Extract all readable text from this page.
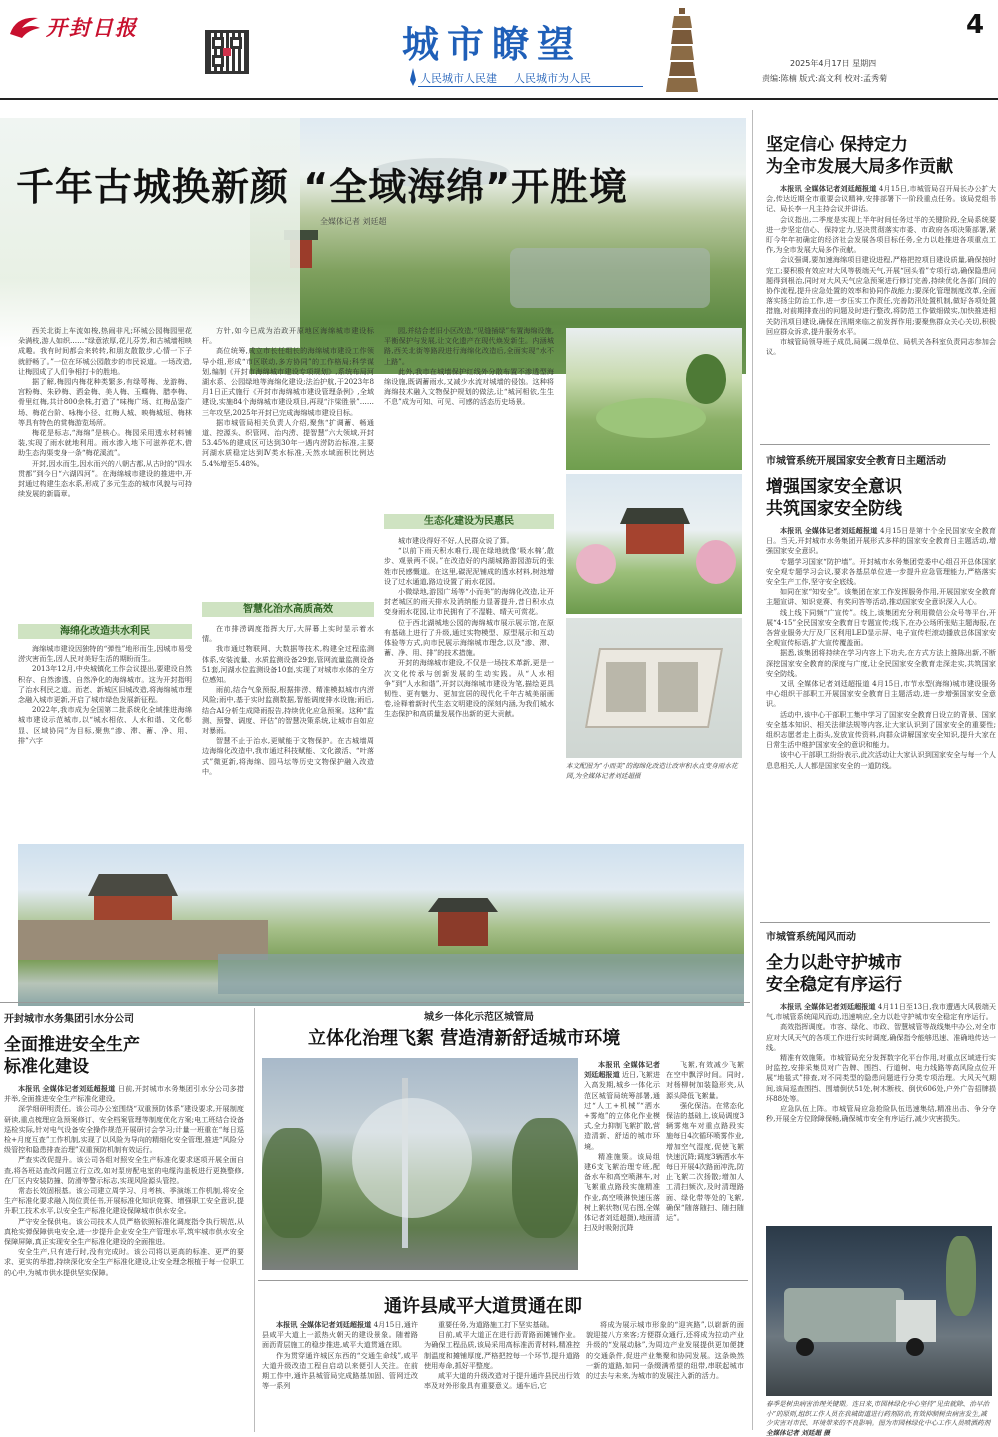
开封日报	城市瞭望
人民城市人民建 人民城市为人民
4
2025年4月17日 星期四
责编:陈楠 版式:高文利 校对:孟秀菊
千年古城换新颜 “全域海绵”开胜境
全媒体记者 刘廷超

西关北街上车流如梭,热闹非凡;环城公园梅园里花朵满枝,游人如织……“绿意浓厚,花儿芬芳,和古城墙相映成趣。我有时间都会来转转,和朋友散散步,心情一下子就舒畅了。”一位在环城公园散步的市民说道。一场改造,让梅园成了人们争相打卡的胜地。

据了解,梅园内梅花种类繁多,有绿萼梅、龙游梅、宫粉梅、朱砂梅、洒金梅、美人梅、玉蝶梅、腊李梅、骨里红梅,共计800余株,打造了“味梅广场、红梅品鉴广场、梅花台阶、咏梅小径、红梅人城、映梅城垣、梅林等具有特色的赏梅游览场所。

梅花是标志,“海绵”是核心。梅园采用透水材料铺装,实现了雨水就地利用。雨水渗入地下可滋养花木,借助生态沟渠变身一条“梅花溪流”。

开封,因水而生,因水而兴的八朝古都,从古时的“四水贯都”到今日“六湖四河”。在海绵城市建设的推进中,开封通过构建生态水系,形成了多元生态的城市风貌与可持续发展的新篇章。

海绵化改造共水利民

海绵城市建设因独特的“弹性”地形而生,因城市易受涝灾害而生,因人民对美好生活的期盼而生。

2013年12月,中央城镇化工作会议提出,要建设自然积存、自然渗透、自然净化的海绵城市。这为开封指明了治水利民之道。而老、新城区旧城改造,将海绵城市理念融入城市更新,开启了城市绿色发展新征程。

2022年,我市成为全国第二批系统化全域推进海绵城市建设示范城市,以“城水相依、人水和谐、文化彰显、区域协同”为目标,聚焦“渗、滞、蓄、净、用、排”六字

方针,如今已成为治政开原地区海绵城市建设标杆。

高位统筹,成立市长任组长的海绵城市建设工作领导小组,形成“市区联动,多方协同”的工作格局;科学谋划,编制《开封市海绵城市建设专项规划》,系统布局河湖水系、公园绿地等海绵化建设;法治护航,于2023年8月1日正式施行《开封市海绵城市建设管理条例》,全域建设,实施84个海绵城市建设项目,再现“汴梁胜景”……三年攻坚,2025年开封已完成海绵城市建设目标。

据市城管局相关负责人介绍,聚焦“扩调蓄、畅通道、控源头、织管网、治内涝、提智慧”六大领域,开封53.45%的建成区可达到30年一遇内涝防治标准,主要河湖水质稳定达到Ⅳ类水标准,天然水域面积比例达5.4%增至5.48%。

智慧化治水高质高效

在市排涝调度指挥大厅,大屏幕上实时显示着水情。

我市通过物联网、大数据等技术,构建全过程监测体系,安装流量、水质监测设备29套,管网流量监测设备51套,河湖水位监测设备10套,实现了对城市水体的全方位感知。

雨前,结合气象预报,根据排涝、精准模拟城市内涝风险;雨中,基于实时监测数据,智能调度排水设施;雨后,结合AI分析生成降雨报告,持续优化应急预案。这种“监测、预警、调度、评估”的智慧决策系统,让城市自如应对暴雨。

智慧不止于治水,更赋能于文物保护。在古城墙周边海绵化改造中,我市通过科技赋能、文化激活、“叶落式”微更新,将海绵、园马坛等历史文物保护融入改造中。

园,并结合老旧小区改造,“见缝插绿”布置海绵设施,平衡保护与发展,让文化遗产在现代焕发新生。内涵城路,西关北街等路段进行海绵化改造后,全面实现“水不上路”。

此外,我市在城墙保护红线外分散布置不渗透型海绵设施,既调蓄雨水,又减少水流对城墙的侵蚀。这种将海绵技术融入文物保护规划的做法,让“城河相依,生生不息”成为可知、可见、可感的活态历史场景。

生态化建设为民惠民

城市建设得好不好,人民群众说了算。

“以前下雨天积水难行,现在绿地就像‘吸水棉’,散步、观景两不误。”在改造好的内湖城路游园游玩的张姓市民感慨道。在这里,碳泥泥铺成的透水材料,树池增设了过水通道,路边设置了雨水花园。

小微绿地,游园广场等“小而美”的海绵化改造,让开封老城区的雨天排水及消纳能力显著提升,昔日积水点变身雨水花园,让市民拥有了不湿鞋、晴天可赏花。

位于西北湖城地公园的海绵城市展示展示馆,在原有基础上进行了升级,通过实物模型、原型展示和互动体验等方式,向市民展示海绵城市理念,以及“渗、滞、蓄、净、用、排”的技术措施。

开封的海绵城市建设,不仅是一场技术革新,更是一次文化传承与创新发展的生动实践。从“人水相争”到“人水和谐”,开封以海绵城市建设为笔,描绘更具韧性、更有魅力、更加宜居的现代化千年古城美丽画卷,诠释着新时代生态文明建设的深刻内涵,为我们城水生态保护和高质量发展作出新的更大贡献。

本文配图为“小而美”的海绵化改造让改审积水点变身雨水花园,为全媒体记者刘廷超摄
坚定信心 保持定力
为全市发展大局多作贡献

本报讯 全媒体记者刘廷超报道 4月15日,市城管局召开局长办公扩大会,传达近期全市重要会议精神,安排部署下一阶段重点任务。该局党组书记、局长李一凡主持会议并讲话。

会议指出,二季度是实现上半年时间任务过半的关键阶段,全局系统要进一步坚定信心、保持定力,坚决贯彻落实市委、市政府各项决策部署,紧盯今年年初确定的经济社会发展各项目标任务,全力以赴推进各项重点工作,为全市发展大局多作贡献。

会议强调,要加速海绵项目建设进程,严格把控项目建设质量,确保按时完工;要积极有效应对大风等极端天气,开展“回头看”专项行动,确保隐患问题得到根治,同时对大风天气应急预案进行修订完善,持续优化各部门间的协作流程,提升应急处置的效率和协同作战能力;要深化管理制度改革,全面落实扬尘防治工作,进一步压实工作责任,完善防汛处置机制,做好各项处置措施,对前期排查出的问题及时进行整改,将防范工作做细做实,加快推进相关防汛项目建设,确保在汛期来临之前发挥作用;要聚焦群众关心关切,积极回应群众诉求,提升服务水平。

市城管局领导班子成员,局属二级单位、局机关各科室负责同志参加会议。

市城管系统开展国家安全教育日主题活动
增强国家安全意识
共筑国家安全防线

本报讯 全媒体记者刘廷超报道 4月15日是第十个全民国家安全教育日。当天,开封城市水务集团开展形式多样的国家安全教育日主题活动,增强国家安全意识。

专题学习国家“防护墙”。开封城市水务集团党委中心组召开总体国家安全观专题学习会议,要求各基层单位进一步提升应急管理能力,严格落实安全生产工作,坚守安全底线。

如同在家“知安全”。该集团在家工作发挥服务作用,开展国家安全教育主题宣讲、知识竞赛、有奖问答等活动,推动国家安全意识深入人心。

线上线下同频“广宣传”。线上,该集团充分利用微信公众号等平台,开展“4·15”全民国家安全教育日专题宣传;线下,在办公场所张贴主题海报,在各营业服务大厅及厂区利用LED显示屏、电子宣传栏滚动播放总体国家安全观宣传标语,扩大宣传覆盖面。

据悉,该集团将持续在学习内容上下功夫,在方式方法上推陈出新,不断深挖国家安全教育的深度与广度,让全民国家安全教育走深走实,共筑国家安全防线。

又讯 全媒体记者刘廷超报道 4月15日,市节水型(海绵)城市建设服务中心组织干部职工开展国家安全教育日主题活动,进一步增强国家安全意识。

活动中,该中心干部职工集中学习了国家安全教育日设立的背景、国家安全基本知识、相关法律法规等内容,让大家认识到了国家安全的重要性;组织志愿者走上街头,发放宣传资料,向群众讲解国家安全知识,提升大家在日常生活中维护国家安全的意识和能力。

该中心干部职工纷纷表示,此次活动让大家认识到国家安全与每一个人息息相关,人人都是国家安全的一道防线。

市城管系统闻风而动
全力以赴守护城市
安全稳定有序运行

本报讯 全媒体记者刘廷超报道 4月11日至13日,我市遭遇大风极端天气,市城管系统闻风而动,迅速响应,全力以赴守护城市安全稳定有序运行。

高效指挥调度。市容、绿化、市政、智慧城管等战线集中办公,对全市应对大风天气的各项工作进行实时调度,确保指令能够迅速、准确地传达一线。

精准有效施策。市城管局充分发挥数字化平台作用,对重点区域进行实时监控,安排采集员对广告牌、围挡、行道树、电力线路等高风险点位开展“地毯式”排查,对不同类型的隐患问题进行分类专项治理。大风天气期间,该局巡查围挡、围墙倒伏51处,树木断枝、倒伏606处,户外广告招牌损坏88处等。

应急队伍上阵。市城管局应急抢险队伍迅速集结,精准出击、争分夺秒,开展全方位除障保畅,确保城市安全有序运行,减少灾害损失。

春季是树虫病害治理关键期。连日来,市园林绿化中心坚持“见虫就除、治早治小”的原则,组织工作人员在我城街道进行药剂防治,有效抑制树虫病害发生,减少灾害对市民、环境带来的不良影响。图为市园林绿化中心工作人员喷洒药剂 全媒体记者 刘廷超 摄
开封城市水务集团引水分公司
全面推进安全生产
标准化建设

本报讯 全媒体记者刘廷超报道 日前,开封城市水务集团引水分公司多措并举,全面推进安全生产标准化建设。

深学细研明责任。该公司办公室围绕“双重预防体系”建设要求,开展制度研读,重点梳理应急预案修订、安全档案管理等制度优化方案;电工班结合设备巡检实际,针对电气设备安全操作规范开展研讨会学习;计量一班重在“每日巡检+月度互查”工作机制,实现了以风险为导向的精细化安全管理,推进“风险分级管控和隐患排查治理”双重预防机制有效运行。

严查实改促提升。该公司各组对照安全生产标准化要求逐项开展全面自查,将各班站查改问题立行立改,如对泵房配电室的电缆沟盖板进行更换整修,在厂区内安装防撞、防滑等警示标志,实现风险源头管控。

常态长效固根基。该公司建立周学习、月考核、季演练工作机制,将安全生产标准化要求融入岗位责任书,开展标准化知识竞赛、增强职工安全意识,提升职工技术水平,以安全生产标准化建设保障城市供水安全。

严守安全保供电。该公司技术人员严格依照标准化调度指令执行规范,从真枪实弹保障供电安全,进一步提升企业安全生产管理水平,筑牢城市供水安全保障屏障,真正实现安全生产标准化建设的全面推进。

安全生产,只有进行时,没有完成时。该公司将以更高的标准、更严的要求、更实的举措,持续深化安全生产标准化建设,让安全理念根植于每一位职工的心中,为城市供水提供坚实保障。

城乡一体化示范区城管局
立体化治理飞絮 营造清新舒适城市环境

本报讯 全媒体记者刘廷超报道 近日,飞絮进入高发期,城乡一体化示范区城管局统筹部署,通过“人工+机械”“洒水+雾炮”的立体化作业模式,全力抑制飞絮扩散,营造清新、舒适的城市环境。

精准施策。该局组建6支飞絮治理专班,配备水车和高空喷淋车,对飞絮重点路段实施精准作业,高空喷淋快速压落树上絮状物(见右图,全媒体记者刘廷超摄),地面清扫及时吸附沉降

飞絮,有效减少飞絮在空中飘浮时间。同时,对杨柳树加装隐形夹,从源头降低飞絮量。

强化保洁。在常态化保洁的基础上,该局调度3辆雾炮车对重点路段实施每日4次循环喷雾作业,增加空气湿度,促使飞絮快速沉降;调度3辆洒水车每日开展4次路面冲洗,防止飞絮二次扬散;增加人工清扫频次,及时清理路面、绿化带等处的飞絮,确保“随落随扫、随扫随运”。

通许县咸平大道贯通在即

本报讯 全媒体记者刘廷超报道 4月15日,通许县咸平大道上一派热火朝天的建设景象。随着路面沥青层施工的稳步推进,咸平大道贯通在即。

作为贯穿通许城区东西的“交通生命线”,咸平大道升级改造工程自启动以来便引人关注。在前期工作中,通许县城管局完成路基加固、管网迁改等一系列

重要任务,为道路施工打下坚实基础。

目前,咸平大道正在进行沥青路面摊铺作业。为确保工程品质,该局采用高标准沥青材料,精准控制温度和摊铺厚度,严格把控每一个环节,提升道路使用寿命,抓好平整度。

咸平大道的升级改造对于提升通许县民出行效率及对外形象具有重要意义。通车后,它

将成为展示城市形象的“迎宾路”,以崭新的面貌迎接八方来客;方便群众通行,还将成为拉动产业升级的“发展动脉”,为周边产业发展提供更加便捷的交通条件,促进产业集聚和协同发展。这条焕然一新的道路,如同一条缀满希望的纽带,串联起城市的过去与未来,为城市的发展注入新的活力。
